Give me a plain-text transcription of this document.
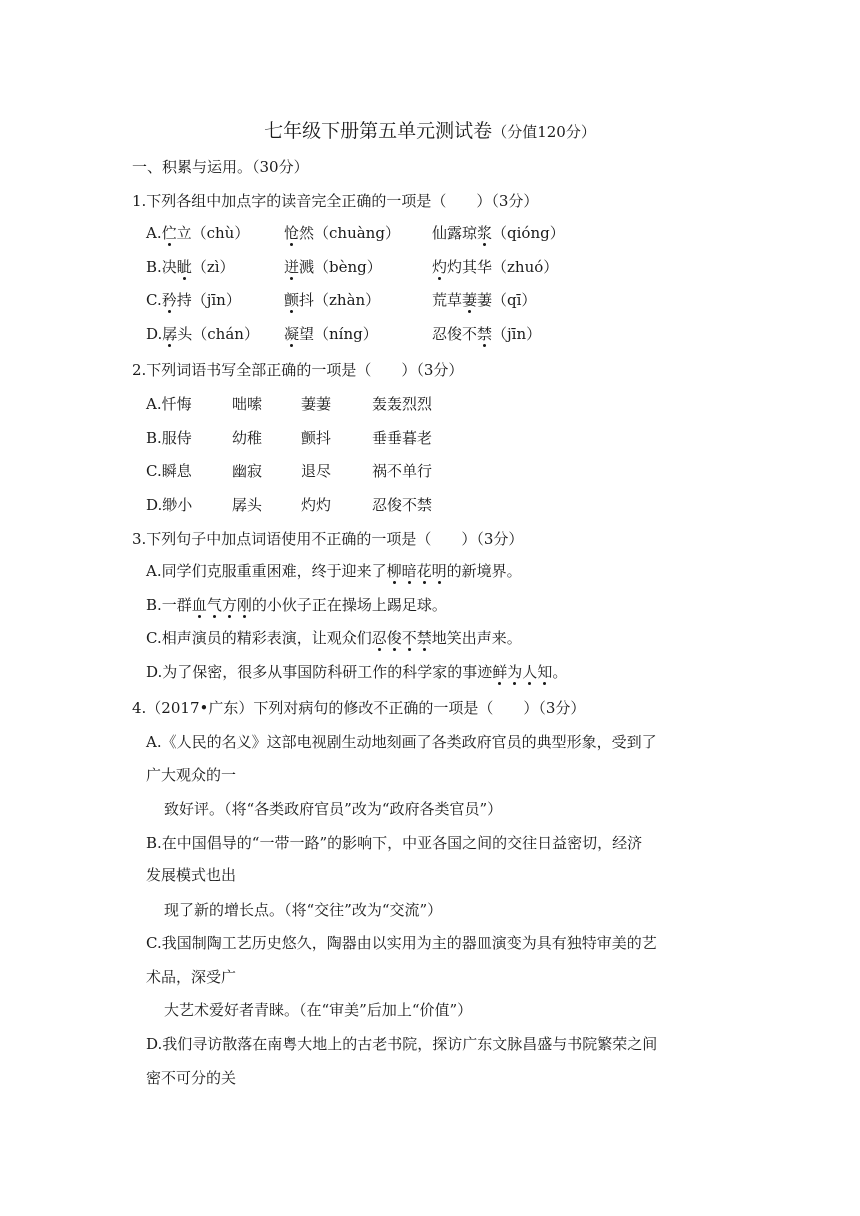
七年级下册第五单元测试卷（分值120分）
一、积累与运用。（30分）
1.下列各组中加点字的读音完全正确的一项是（　　）（3分）
A.伫立（chù） 怆然（chuàng） 仙露琼浆（qióng）
B.决眦（zì）	迸溅（bèng）	灼灼其华（zhuó）
C.矜持（jīn）	颤抖（zhàn）	荒草萋萋（qī）
D.孱头（chán） 凝望（níng）	忍俊不禁（jīn）
2.下列词语书写全部正确的一项是（　　）（3分）
A.忏悔	咄嗦	萋萋	轰轰烈烈
B.服侍	幼稚	颤抖	垂垂暮老
C.瞬息	幽寂	退尽	祸不单行
D.缈小	孱头	灼灼	忍俊不禁
3.下列句子中加点词语使用不正确的一项是（　　）（3分）
A.同学们克服重重困难，终于迎来了柳暗花明的新境界。
B.一群血气方刚的小伙子正在操场上踢足球。
C.相声演员的精彩表演，让观众们忍俊不禁地笑出声来。
D.为了保密，很多从事国防科研工作的科学家的事迹鲜为人知。
4.（2017•广东）下列对病句的修改不正确的一项是（　　）（3分）
A.《人民的名义》这部电视剧生动地刻画了各类政府官员的典型形象，受到了
广大观众的一
致好评。（将“各类政府官员”改为“政府各类官员”）
B.在中国倡导的“一带一路”的影响下，中亚各国之间的交往日益密切，经济
发展模式也出
现了新的增长点。（将“交往”改为“交流”）
C.我国制陶工艺历史悠久，陶器由以实用为主的器皿演变为具有独特审美的艺
术品，深受广
大艺术爱好者青睐。（在“审美”后加上“价值”）
D.我们寻访散落在南粤大地上的古老书院，探访广东文脉昌盛与书院繁荣之间
密不可分的关
